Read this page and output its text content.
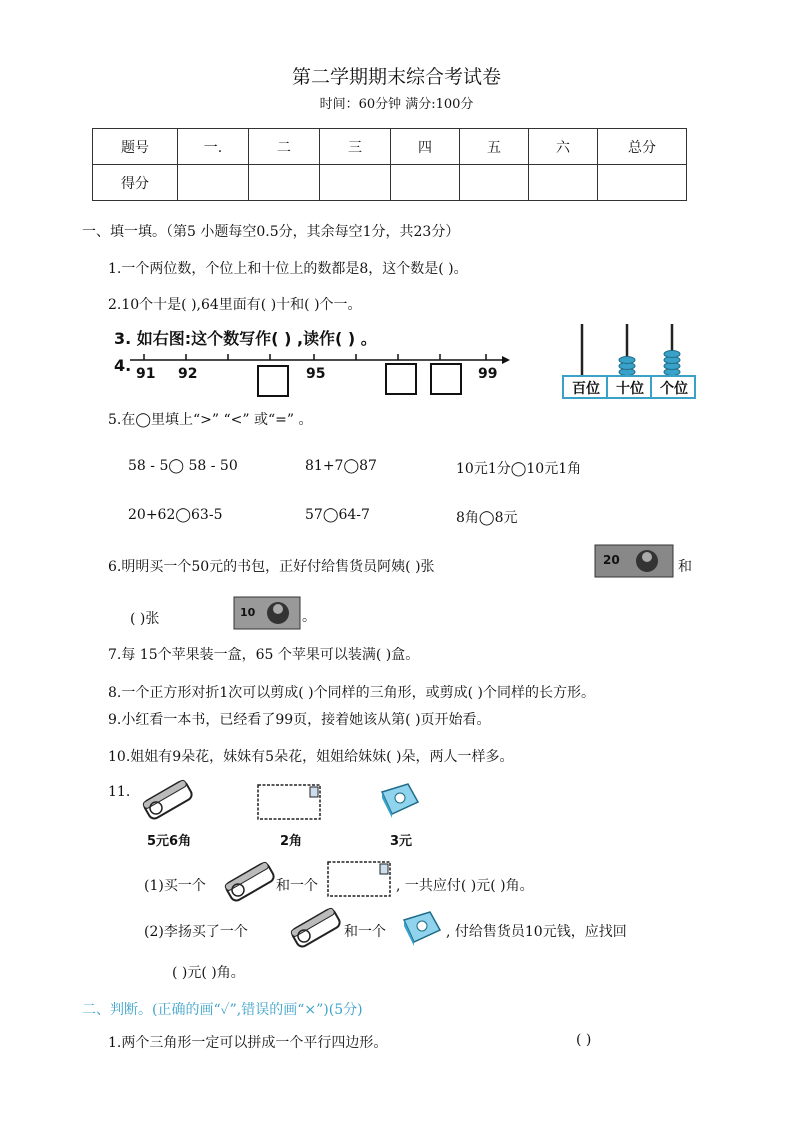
第二学期期末综合考试卷
时间：60分钟 满分:100分
题号	一.	二	三	四	五	六	总分
得分							
一、填一填。（第5 小题每空0.5分，其余每空1分，共23分）
1.一个两位数，个位上和十位上的数都是8，这个数是( )。
2.10个十是( ),64里面有( )十和( )个一。
3. 如右图:这个数写作( ) ,读作( ) 。
4. 91 92	95	99
百位	十位	个位
5.在◯里填上“>” “<” 或“=” 。
58 - 5◯ 58 - 50	81+7◯87	10元1分◯10元1角
20+62◯63-5	57◯64-7	8角◯8元
6.明明买一个50元的书包，正好付给售货员阿姨( )张	20	和
( )张	10	。
7.每 15个苹果装一盒，65 个苹果可以装满( )盒。
8.一个正方形对折1次可以剪成( )个同样的三角形，或剪成( )个同样的长方形。
9.小红看一本书，已经看了99页，接着她该从第( )页开始看。
10.姐姐有9朵花，妹妹有5朵花，姐姐给妹妹( )朵，两人一样多。
11.
5元6角	2角	3元
(1)买一个	和一个	, 一共应付( )元( )角。
(2)李扬买了一个	和一个	, 付给售货员10元钱，应找回
( )元( )角。
二、判断。(正确的画“✓”,错误的画“×”)(5分)
1.两个三角形一定可以拼成一个平行四边形。	( )
